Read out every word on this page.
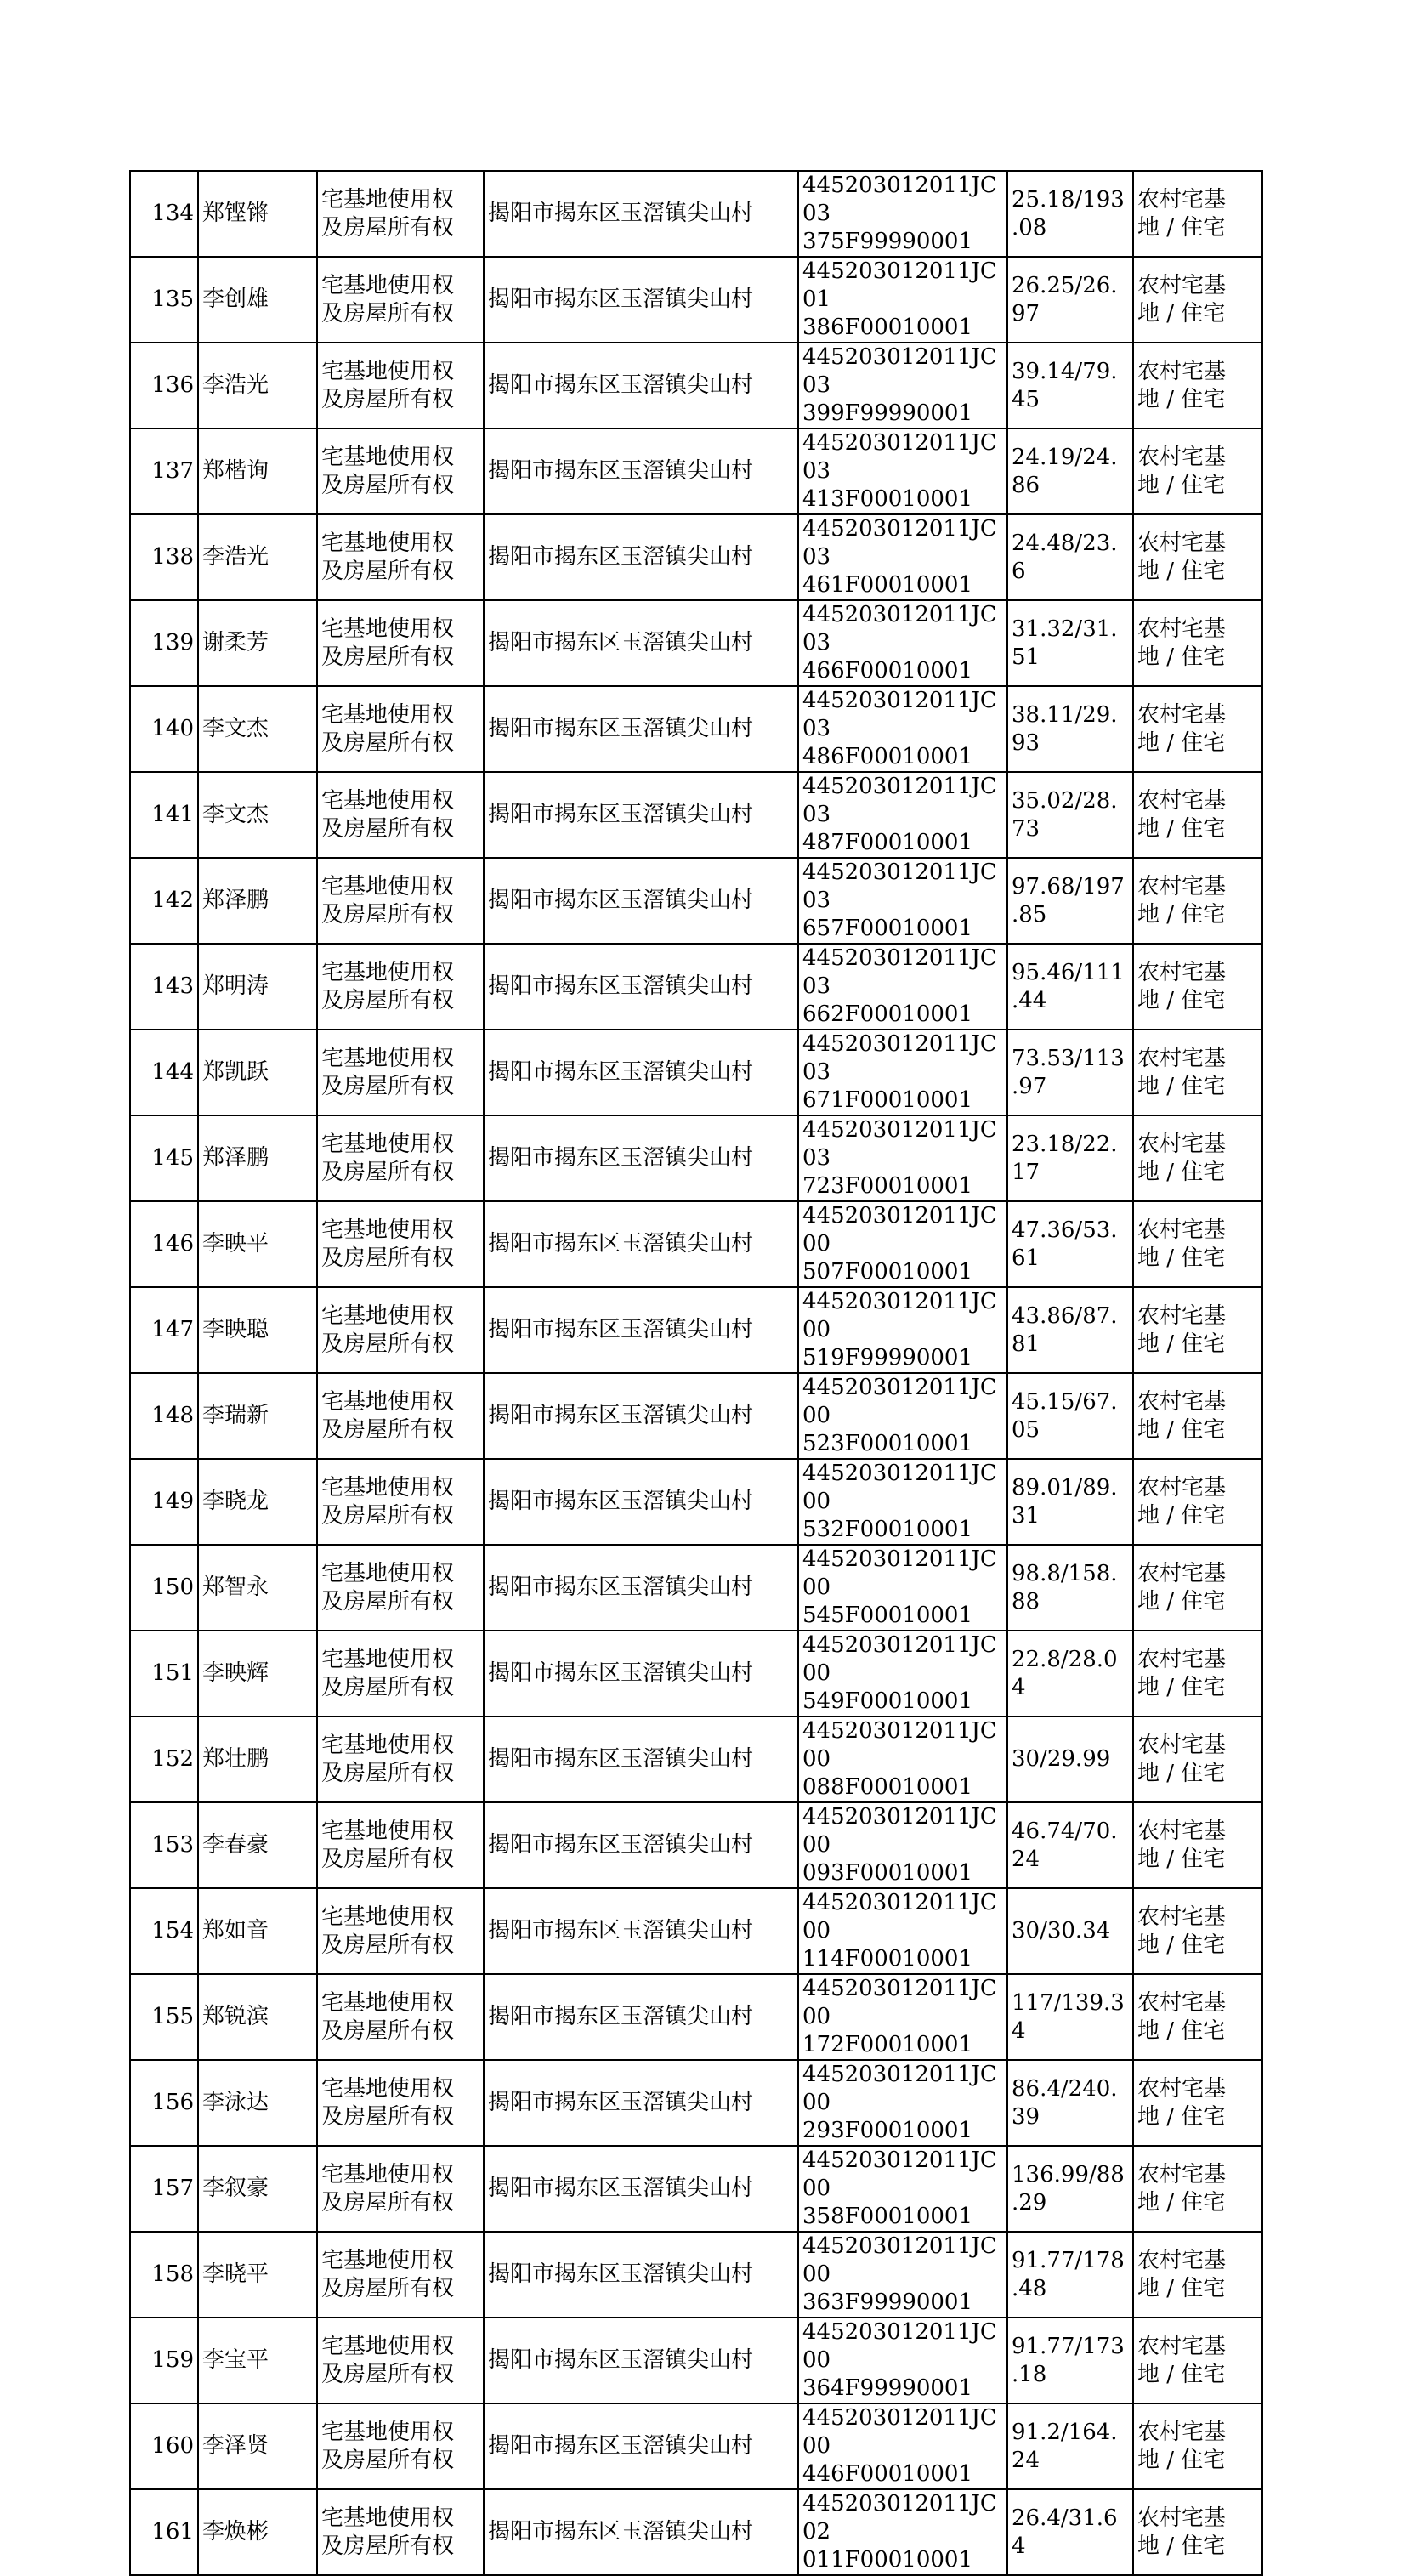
134	郑铿锵	宅基地使用权
及房屋所有权	揭阳市揭东区玉滘镇尖山村	445203012011JC03
375F99990001	25.18/193
.08	农村宅基
地 / 住宅

135	李创雄	宅基地使用权
及房屋所有权	揭阳市揭东区玉滘镇尖山村	445203012011JC01
386F00010001	26.25/26.
97	农村宅基
地 / 住宅

136	李浩光	宅基地使用权
及房屋所有权	揭阳市揭东区玉滘镇尖山村	445203012011JC03
399F99990001	39.14/79.
45	农村宅基
地 / 住宅

137	郑楷询	宅基地使用权
及房屋所有权	揭阳市揭东区玉滘镇尖山村	445203012011JC03
413F00010001	24.19/24.
86	农村宅基
地 / 住宅

138	李浩光	宅基地使用权
及房屋所有权	揭阳市揭东区玉滘镇尖山村	445203012011JC03
461F00010001	24.48/23.
6	农村宅基
地 / 住宅

139	谢柔芳	宅基地使用权
及房屋所有权	揭阳市揭东区玉滘镇尖山村	445203012011JC03
466F00010001	31.32/31.
51	农村宅基
地 / 住宅

140	李文杰	宅基地使用权
及房屋所有权	揭阳市揭东区玉滘镇尖山村	445203012011JC03
486F00010001	38.11/29.
93	农村宅基
地 / 住宅

141	李文杰	宅基地使用权
及房屋所有权	揭阳市揭东区玉滘镇尖山村	445203012011JC03
487F00010001	35.02/28.
73	农村宅基
地 / 住宅

142	郑泽鹏	宅基地使用权
及房屋所有权	揭阳市揭东区玉滘镇尖山村	445203012011JC03
657F00010001	97.68/197
.85	农村宅基
地 / 住宅

143	郑明涛	宅基地使用权
及房屋所有权	揭阳市揭东区玉滘镇尖山村	445203012011JC03
662F00010001	95.46/111
.44	农村宅基
地 / 住宅

144	郑凯跃	宅基地使用权
及房屋所有权	揭阳市揭东区玉滘镇尖山村	445203012011JC03
671F00010001	73.53/113
.97	农村宅基
地 / 住宅

145	郑泽鹏	宅基地使用权
及房屋所有权	揭阳市揭东区玉滘镇尖山村	445203012011JC03
723F00010001	23.18/22.
17	农村宅基
地 / 住宅

146	李映平	宅基地使用权
及房屋所有权	揭阳市揭东区玉滘镇尖山村	445203012011JC00
507F00010001	47.36/53.
61	农村宅基
地 / 住宅

147	李映聪	宅基地使用权
及房屋所有权	揭阳市揭东区玉滘镇尖山村	445203012011JC00
519F99990001	43.86/87.
81	农村宅基
地 / 住宅

148	李瑞新	宅基地使用权
及房屋所有权	揭阳市揭东区玉滘镇尖山村	445203012011JC00
523F00010001	45.15/67.
05	农村宅基
地 / 住宅

149	李晓龙	宅基地使用权
及房屋所有权	揭阳市揭东区玉滘镇尖山村	445203012011JC00
532F00010001	89.01/89.
31	农村宅基
地 / 住宅

150	郑智永	宅基地使用权
及房屋所有权	揭阳市揭东区玉滘镇尖山村	445203012011JC00
545F00010001	98.8/158.
88	农村宅基
地 / 住宅

151	李映辉	宅基地使用权
及房屋所有权	揭阳市揭东区玉滘镇尖山村	445203012011JC00
549F00010001	22.8/28.0
4	农村宅基
地 / 住宅

152	郑壮鹏	宅基地使用权
及房屋所有权	揭阳市揭东区玉滘镇尖山村	445203012011JC00
088F00010001	30/29.99	农村宅基
地 / 住宅

153	李春豪	宅基地使用权
及房屋所有权	揭阳市揭东区玉滘镇尖山村	445203012011JC00
093F00010001	46.74/70.
24	农村宅基
地 / 住宅

154	郑如音	宅基地使用权
及房屋所有权	揭阳市揭东区玉滘镇尖山村	445203012011JC00
114F00010001	30/30.34	农村宅基
地 / 住宅

155	郑锐滨	宅基地使用权
及房屋所有权	揭阳市揭东区玉滘镇尖山村	445203012011JC00
172F00010001	117/139.3
4	农村宅基
地 / 住宅

156	李泳达	宅基地使用权
及房屋所有权	揭阳市揭东区玉滘镇尖山村	445203012011JC00
293F00010001	86.4/240.
39	农村宅基
地 / 住宅

157	李叙豪	宅基地使用权
及房屋所有权	揭阳市揭东区玉滘镇尖山村	445203012011JC00
358F00010001	136.99/88
.29	农村宅基
地 / 住宅

158	李晓平	宅基地使用权
及房屋所有权	揭阳市揭东区玉滘镇尖山村	445203012011JC00
363F99990001	91.77/178
.48	农村宅基
地 / 住宅

159	李宝平	宅基地使用权
及房屋所有权	揭阳市揭东区玉滘镇尖山村	445203012011JC00
364F99990001	91.77/173
.18	农村宅基
地 / 住宅

160	李泽贤	宅基地使用权
及房屋所有权	揭阳市揭东区玉滘镇尖山村	445203012011JC00
446F00010001	91.2/164.
24	农村宅基
地 / 住宅

161	李焕彬	宅基地使用权
及房屋所有权	揭阳市揭东区玉滘镇尖山村	445203012011JC02
011F00010001	26.4/31.6
4	农村宅基
地 / 住宅
